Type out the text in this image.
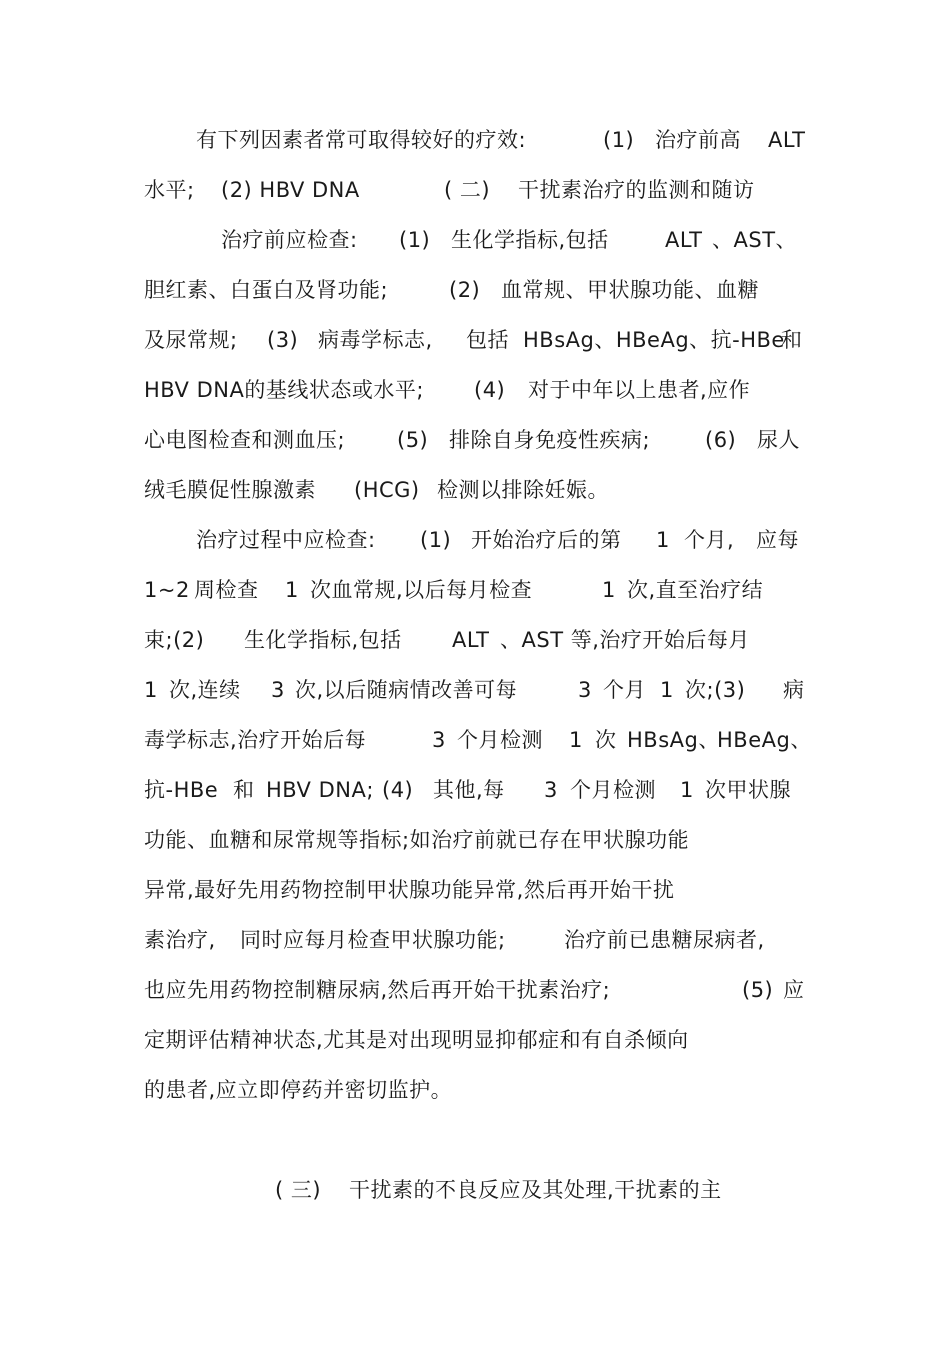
有下列因素者常可取得较好的疗效:	(1) 治疗前高 ALT
水平; (2) HBV DNA	( 二) 干扰素治疗的监测和随访
治疗前应检查: (1) 生化学指标,包括	ALT 、AST、
胆红素、白蛋白及肾功能;	(2) 血常规、甲状腺功能、血糖
及尿常规; (3) 病毒学标志, 包括 HBsAg、HBeAg、抗-HBe
和
HBV DNA的基线状态或水平; (4) 对于中年以上患者,应作
心电图检查和测血压; (5) 排除自身免疫性疾病;	(6) 尿人
绒毛膜促性腺激素 (HCG) 检测以排除妊娠。
治疗过程中应检查: (1) 开始治疗后的第 1 个月, 应每
1~2 周检查 1 次血常规,以后每月检查	1 次,直至治疗结
束;(2) 生化学指标,包括 ALT 、AST 等,治疗开始后每月
1 次,连续 3 次,以后随病情改善可每	3 个月 1 次;(3) 病
毒学标志,治疗开始后每	3 个月检测 1 次 HBsAg、
HBeAg、
抗-HBe 和 HBV DNA; (4) 其他,每 3 个月检测 1 次甲状腺
功能、血糖和尿常规等指标;如治疗前就已存在甲状腺功能
异常,最好先用药物控制甲状腺功能异常,然后再开始干扰
素治疗, 同时应每月检查甲状腺功能;	治疗前已患糖尿病者,
也应先用药物控制糖尿病,然后再开始干扰素治疗;	(5) 应
定期评估精神状态,尤其是对出现明显抑郁症和有自杀倾向
的患者,应立即停药并密切监护。
( 三) 干扰素的不良反应及其处理,干扰素的主
